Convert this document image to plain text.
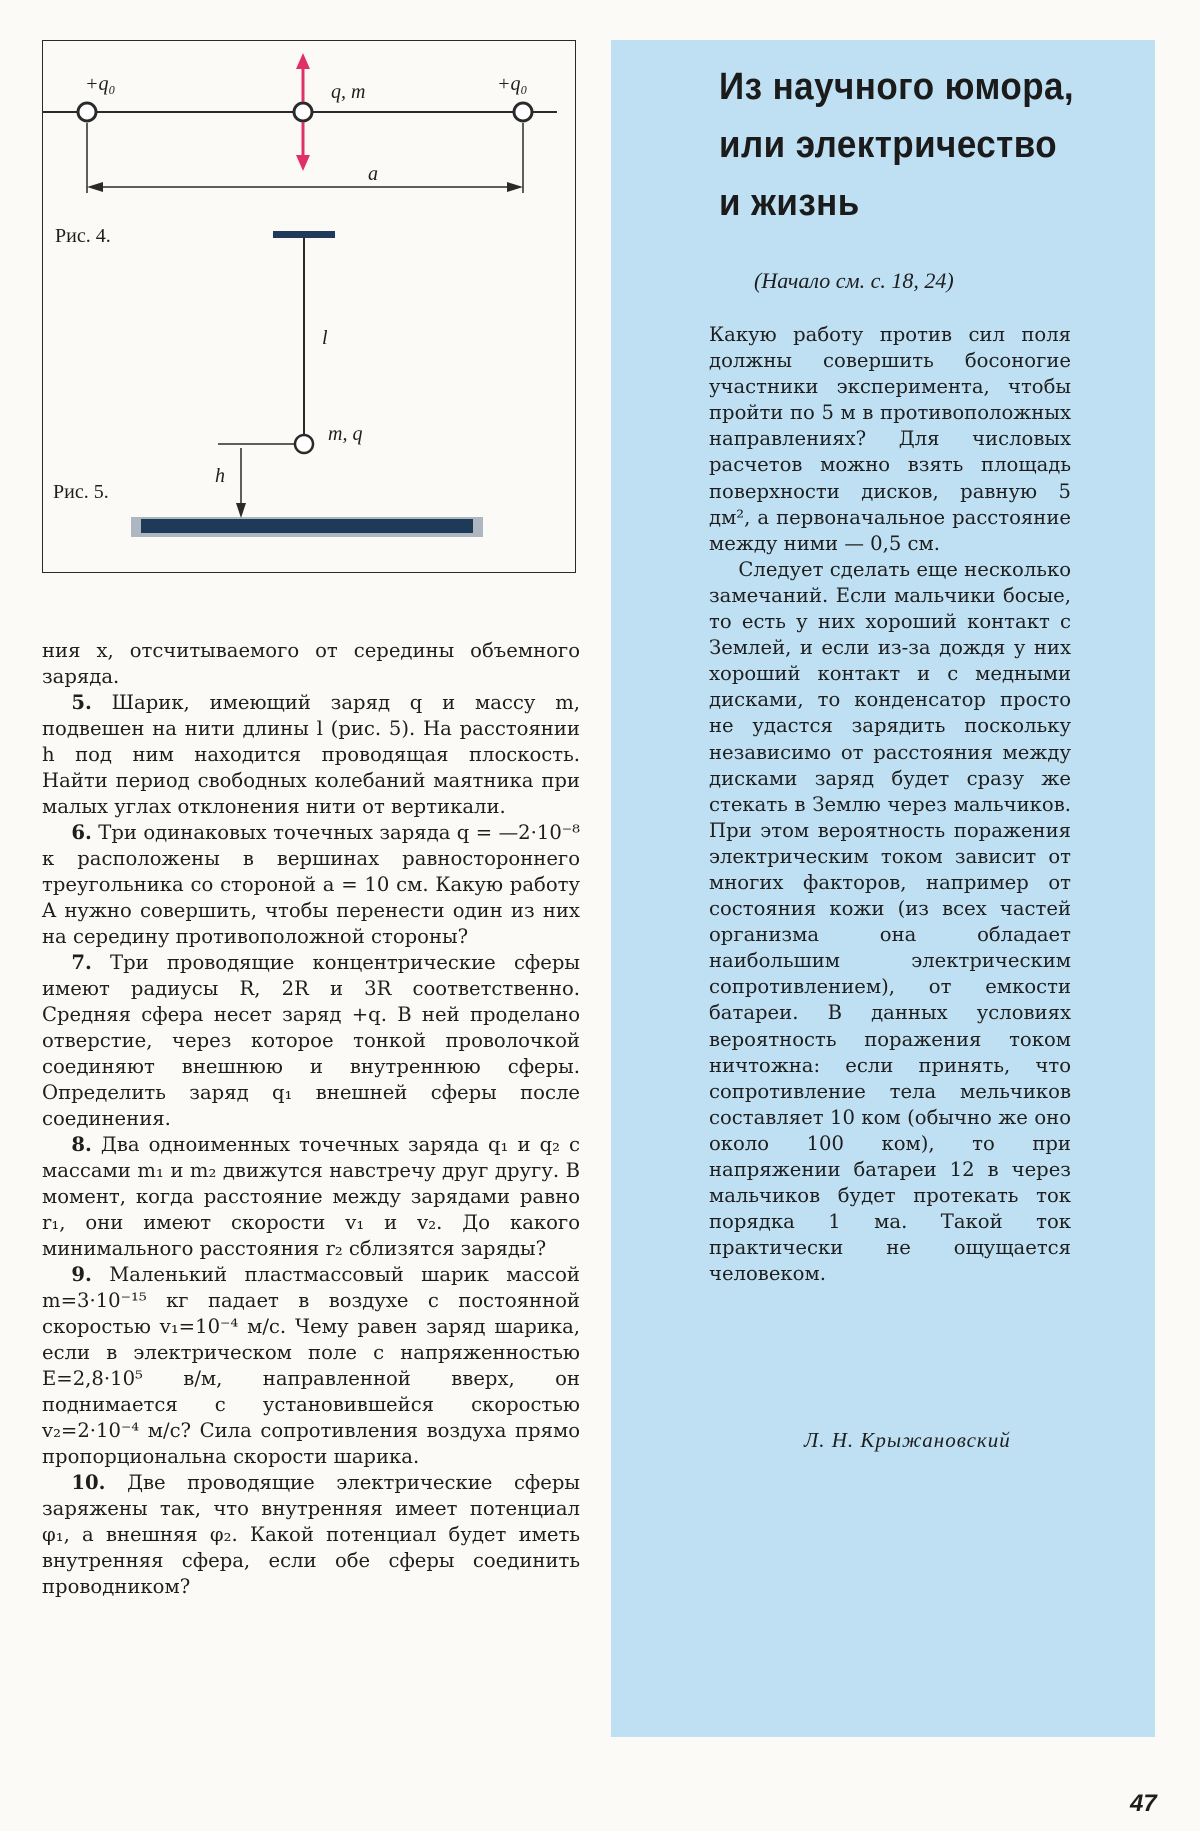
+q₀	+q₀
q, m
a
Рис. 4.
l
m, q
h
Рис. 5.

ния x, отсчитываемого от середины объемного заряда.

5. Шарик, имеющий заряд q и массу m, подвешен на нити длины l (рис. 5). На расстоянии h под ним находится проводящая плоскость. Найти период свободных колебаний маятника при малых углах отклонения нити от вертикали.

6. Три одинаковых точечных заряда q = —2·10⁻⁸ к расположены в вершинах равностороннего треугольника со стороной a = 10 см. Какую работу A нужно совершить, чтобы перенести один из них на середину противоположной стороны?

7. Три проводящие концентрические сферы имеют радиусы R, 2R и 3R соответственно. Средняя сфера несет заряд +q. В ней проделано отверстие, через которое тонкой проволочкой соединяют внешнюю и внутреннюю сферы. Определить заряд q₁ внешней сферы после соединения.

8. Два одноименных точечных заряда q₁ и q₂ с массами m₁ и m₂ движутся навстречу друг другу. В момент, когда расстояние между зарядами равно r₁, они имеют скорости v₁ и v₂. До какого минимального расстояния r₂ сблизятся заряды?

9. Маленький пластмассовый шарик массой m=3·10⁻¹⁵ кг падает в воздухе с постоянной скоростью v₁=10⁻⁴ м/с. Чему равен заряд шарика, если в электрическом поле с напряженностью E=2,8·10⁵ в/м, направленной вверх, он поднимается с установившейся скоростью v₂=2·10⁻⁴ м/с? Сила сопротивления воздуха прямо пропорциональна скорости шарика.

10. Две проводящие электрические сферы заряжены так, что внутренняя имеет потенциал φ₁, а внешняя φ₂. Какой потенциал будет иметь внутренняя сфера, если обе сферы соединить проводником?

Из научного юмора,
или электричество
и жизнь
(Начало см. с. 18, 24)

Какую работу против сил поля должны совершить босоногие участники эксперимента, чтобы пройти по 5 м в противоположных направлениях? Для числовых расчетов можно взять площадь поверхности дисков, равную 5 дм², а первоначальное расстояние между ними — 0,5 см.

Следует сделать еще несколько замечаний. Если мальчики босые, то есть у них хороший контакт с Землей, и если из-за дождя у них хороший контакт и с медными дисками, то конденсатор просто не удастся зарядить поскольку независимо от расстояния между дисками заряд будет сразу же стекать в Землю через мальчиков. При этом вероятность поражения электрическим током зависит от многих факторов, например от состояния кожи (из всех частей организма она обладает наибольшим электрическим сопротивлением), от емкости батареи. В данных условиях вероятность поражения током ничтожна: если принять, что сопротивление тела мельчиков составляет 10 ком (обычно же оно около 100 ком), то при напряжении батареи 12 в через мальчиков будет протекать ток порядка 1 ма. Такой ток практически не ощущается человеком.

Л. Н. Крыжановский
47
